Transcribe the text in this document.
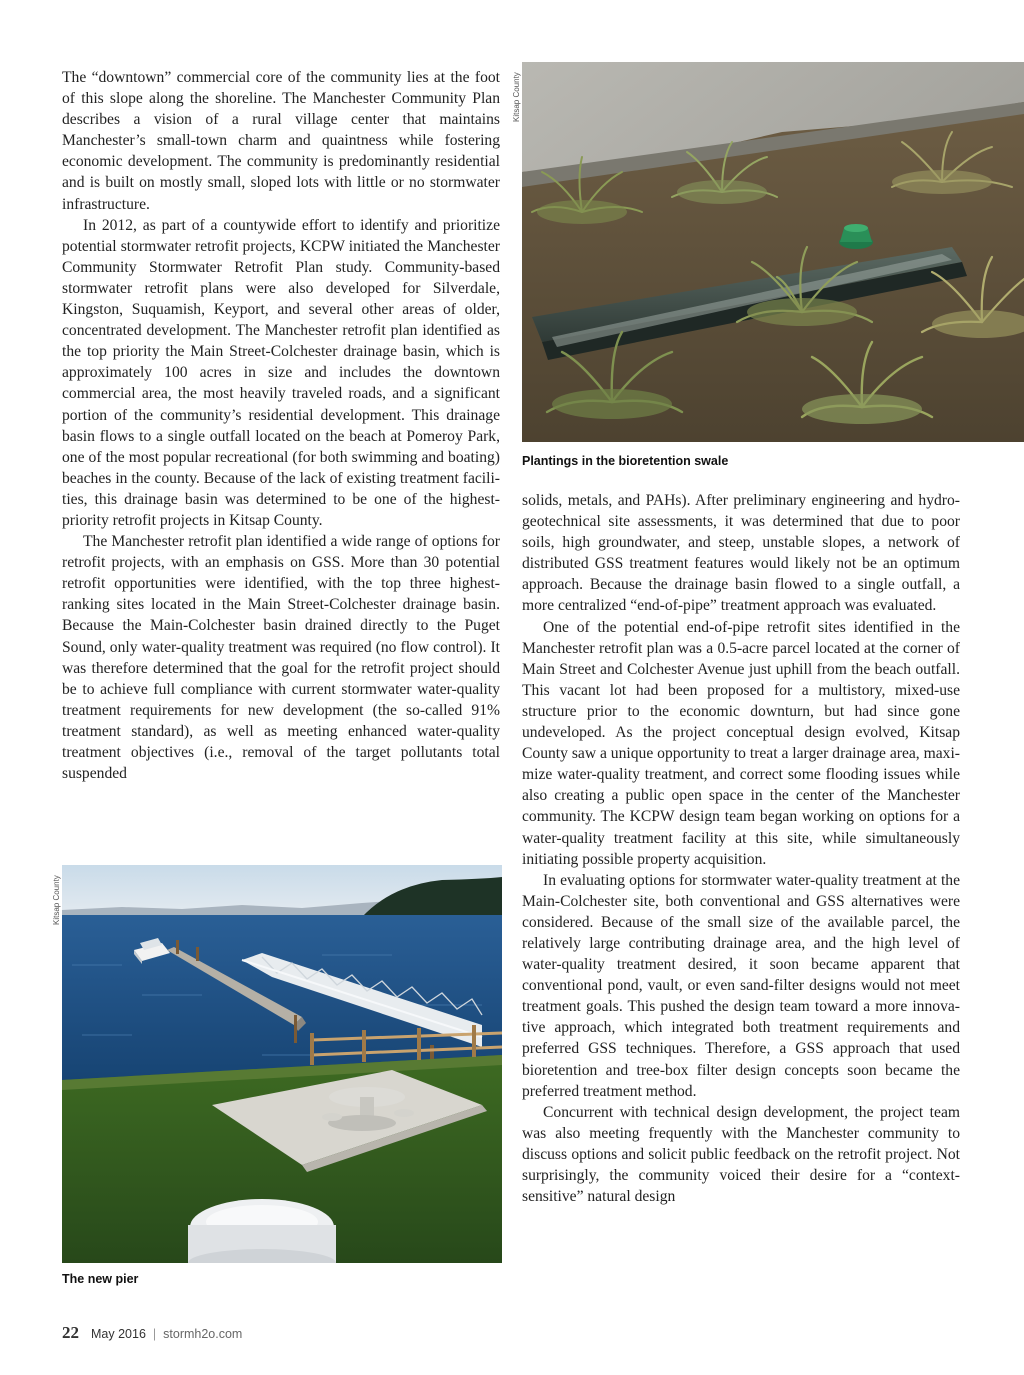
The “downtown” commercial core of the community lies at the foot of this slope along the shoreline. The Manchester Community Plan describes a vision of a rural village center that maintains Manchester’s small-town charm and quaintness while fostering economic development. The community is predominantly residential and is built on mostly small, sloped lots with little or no stormwater infrastructure.

In 2012, as part of a countywide effort to identify and prioritize potential stormwater retrofit projects, KCPW initiated the Manchester Community Stormwater Retrofit Plan study. Community-based stormwater retrofit plans were also developed for Silverdale, Kingston, Suquamish, Keyport, and several other areas of older, concentrated development. The Manchester retrofit plan identified as the top priority the Main Street-Colchester drainage basin, which is approximately 100 acres in size and includes the downtown commercial area, the most heavily traveled roads, and a significant portion of the community’s residential development. This drainage basin flows to a single outfall located on the beach at Pomeroy Park, one of the most popular recreational (for both swimming and boating) beaches in the county. Because of the lack of existing treatment facilities, this drainage basin was determined to be one of the highest-priority retrofit projects in Kitsap County.

The Manchester retrofit plan identified a wide range of options for retrofit projects, with an emphasis on GSS. More than 30 potential retrofit opportunities were identified, with the top three highest-ranking sites located in the Main Street-Colchester drainage basin. Because the Main-Colchester basin drained directly to the Puget Sound, only water-quality treatment was required (no flow control). It was therefore determined that the goal for the retrofit project should be to achieve full compliance with current stormwater water-quality treatment requirements for new development (the so-called 91% treatment standard), as well as meeting enhanced water-quality treatment objectives (i.e., removal of the target pollutants total suspended

Kitsap County
Plantings in the bioretention swale

solids, metals, and PAHs). After preliminary engineering and hydro-geotechnical site assessments, it was determined that due to poor soils, high groundwater, and steep, unstable slopes, a network of distributed GSS treatment features would likely not be an optimum approach. Because the drainage basin flowed to a single outfall, a more centralized “end-of-pipe” treatment approach was evaluated.

One of the potential end-of-pipe retrofit sites identified in the Manchester retrofit plan was a 0.5-acre parcel located at the corner of Main Street and Colchester Avenue just uphill from the beach outfall. This vacant lot had been proposed for a multistory, mixed-use structure prior to the economic downturn, but had since gone undeveloped. As the project conceptual design evolved, Kitsap County saw a unique opportunity to treat a larger drainage area, maximize water-quality treatment, and correct some flooding issues while also creating a public open space in the center of the Manchester community. The KCPW design team began working on options for a water-quality treatment facility at this site, while simultaneously initiating possible property acquisition.

In evaluating options for stormwater water-quality treatment at the Main-Colchester site, both conventional and GSS alternatives were considered. Because of the small size of the available parcel, the relatively large contributing drainage area, and the high level of water-quality treatment desired, it soon became apparent that conventional pond, vault, or even sand-filter designs would not meet treatment goals. This pushed the design team toward a more innovative approach, which integrated both treatment requirements and preferred GSS techniques. Therefore, a GSS approach that used bioretention and tree-box filter design concepts soon became the preferred treatment method.

Concurrent with technical design development, the project team was also meeting frequently with the Manchester community to discuss options and solicit public feedback on the retrofit project. Not surprisingly, the community voiced their desire for a “context-sensitive” natural design

Kitsap County
The new pier
22 May 2016 | stormh2o.com
